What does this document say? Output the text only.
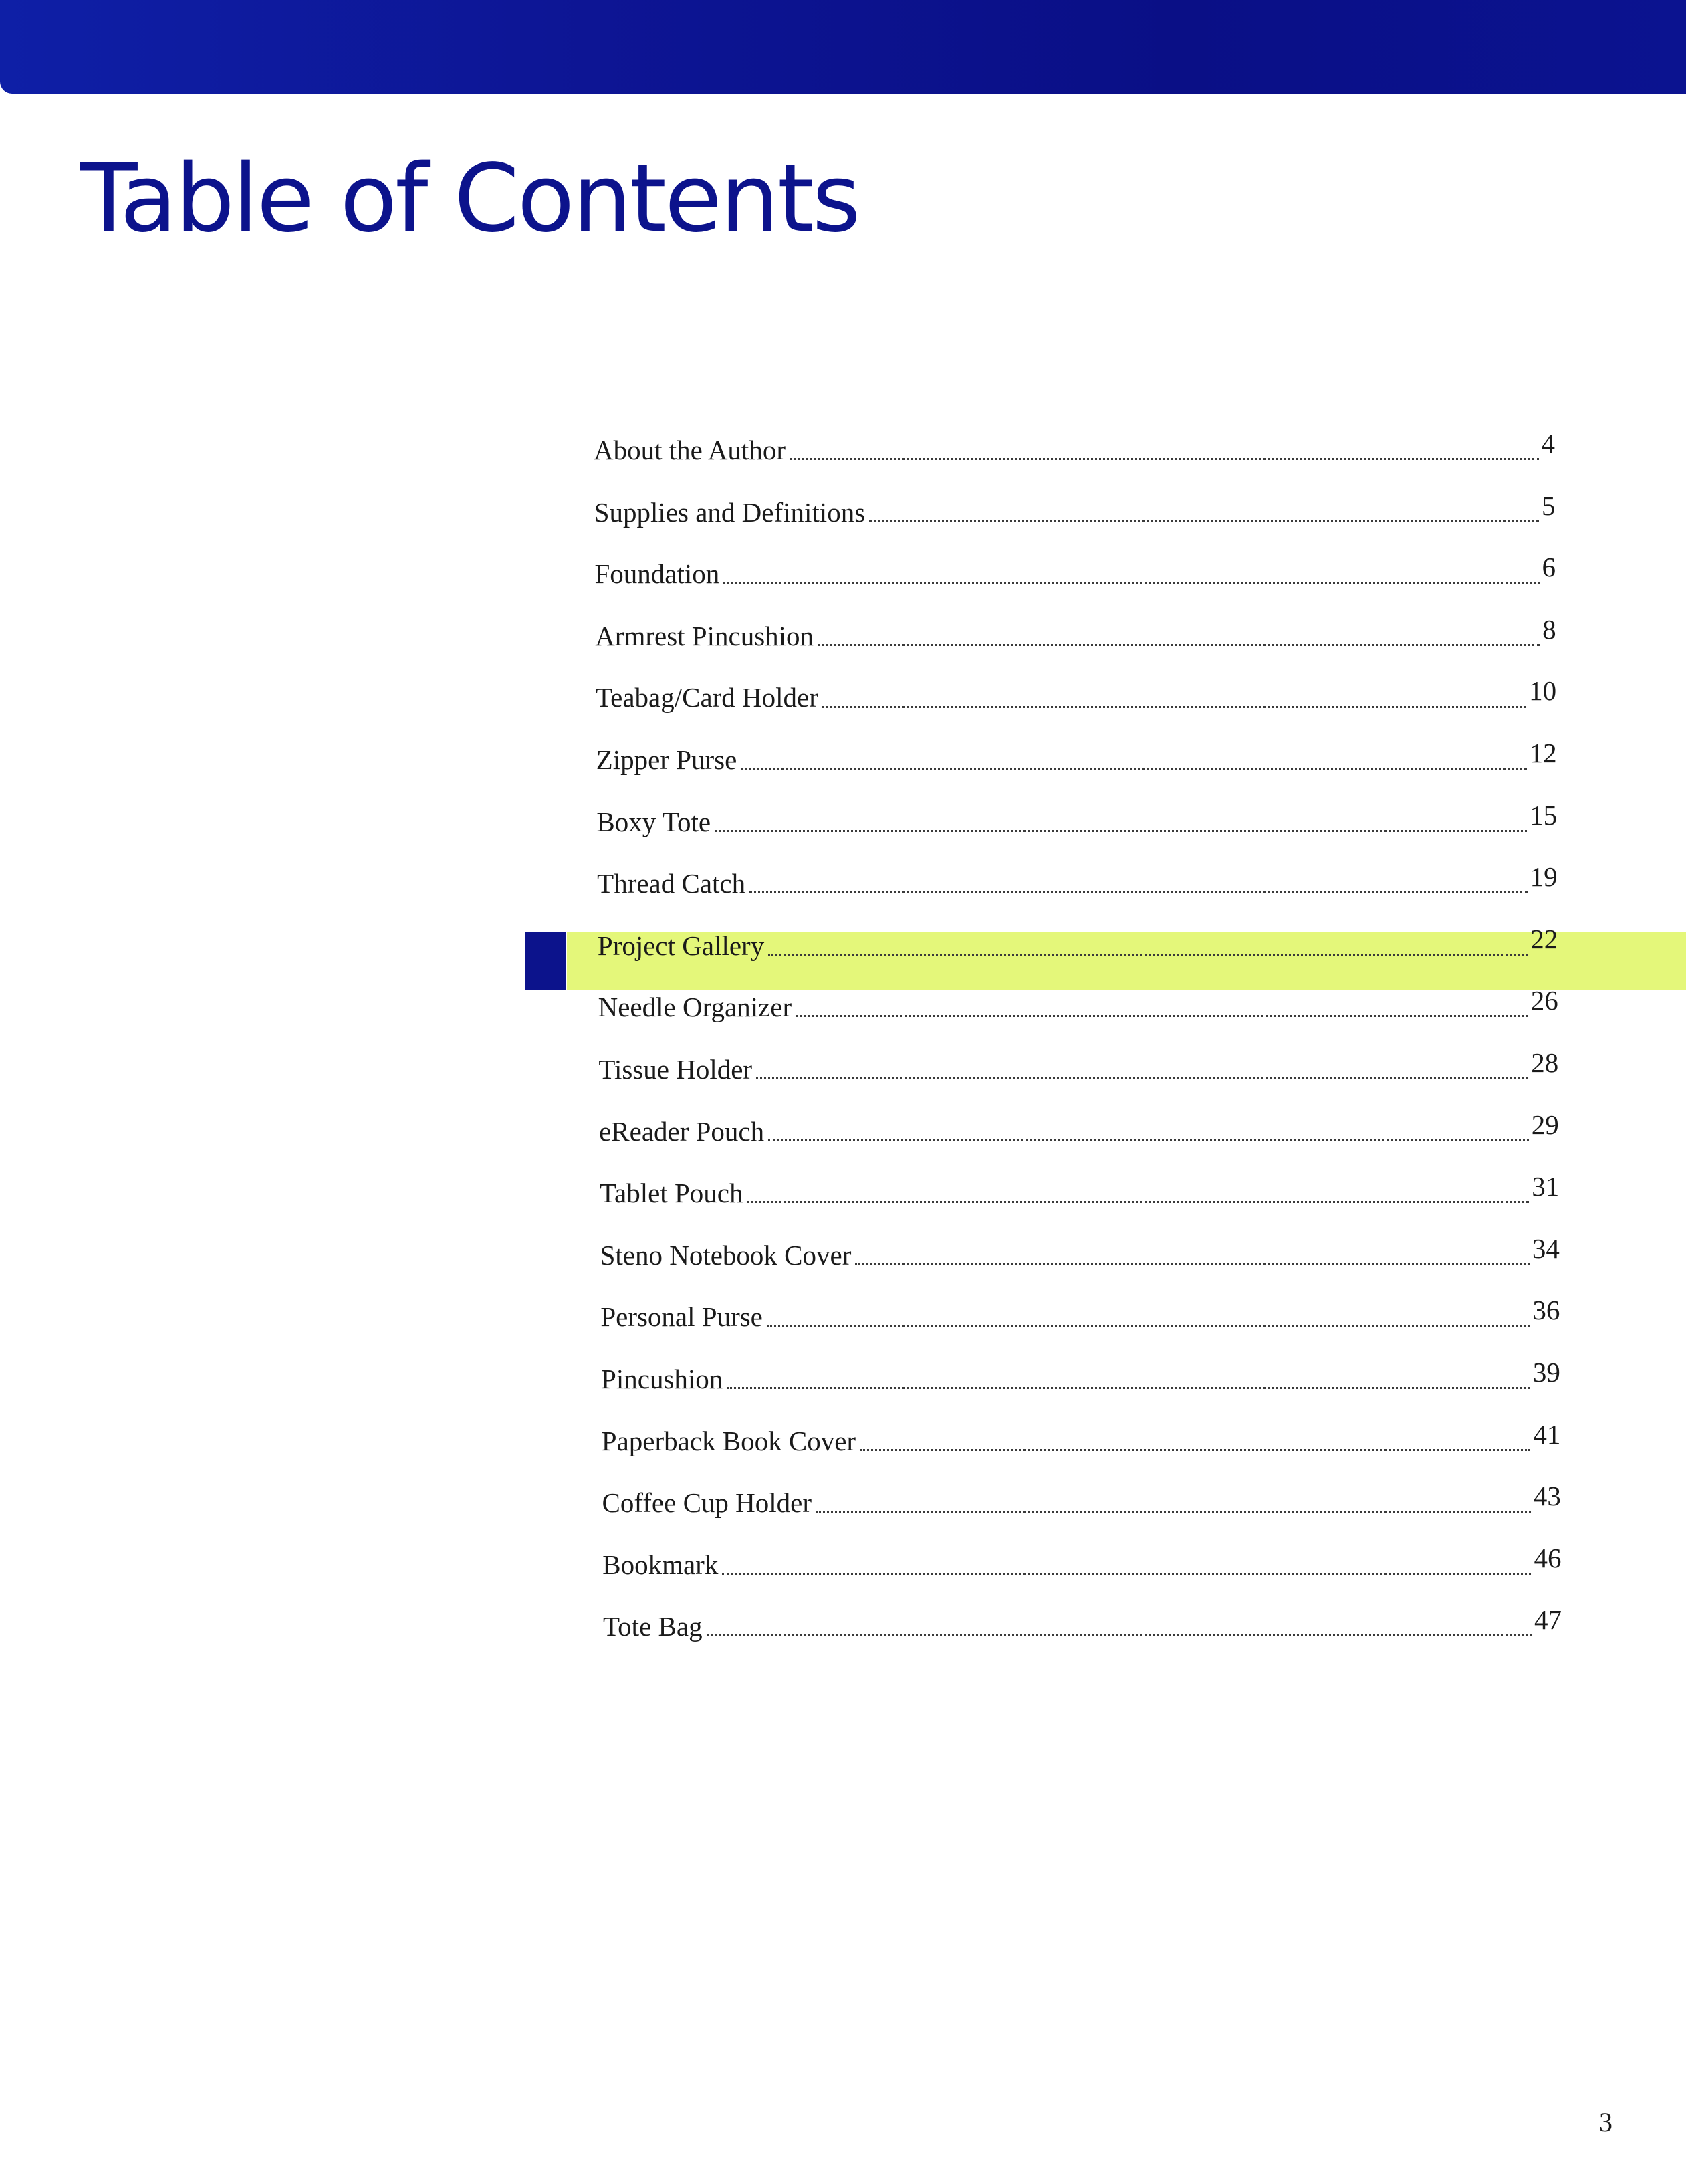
Table of Contents
About the Author	4
Supplies and Definitions	5
Foundation	6
Armrest Pincushion	8
Teabag/Card Holder	10
Zipper Purse	12
Boxy Tote	15
Thread Catch	19
Project Gallery	22
Needle Organizer	26
Tissue Holder	28
eReader Pouch	29
Tablet Pouch	31
Steno Notebook Cover	34
Personal Purse	36
Pincushion	39
Paperback Book Cover	41
Coffee Cup Holder	43
Bookmark	46
Tote Bag	47
3
